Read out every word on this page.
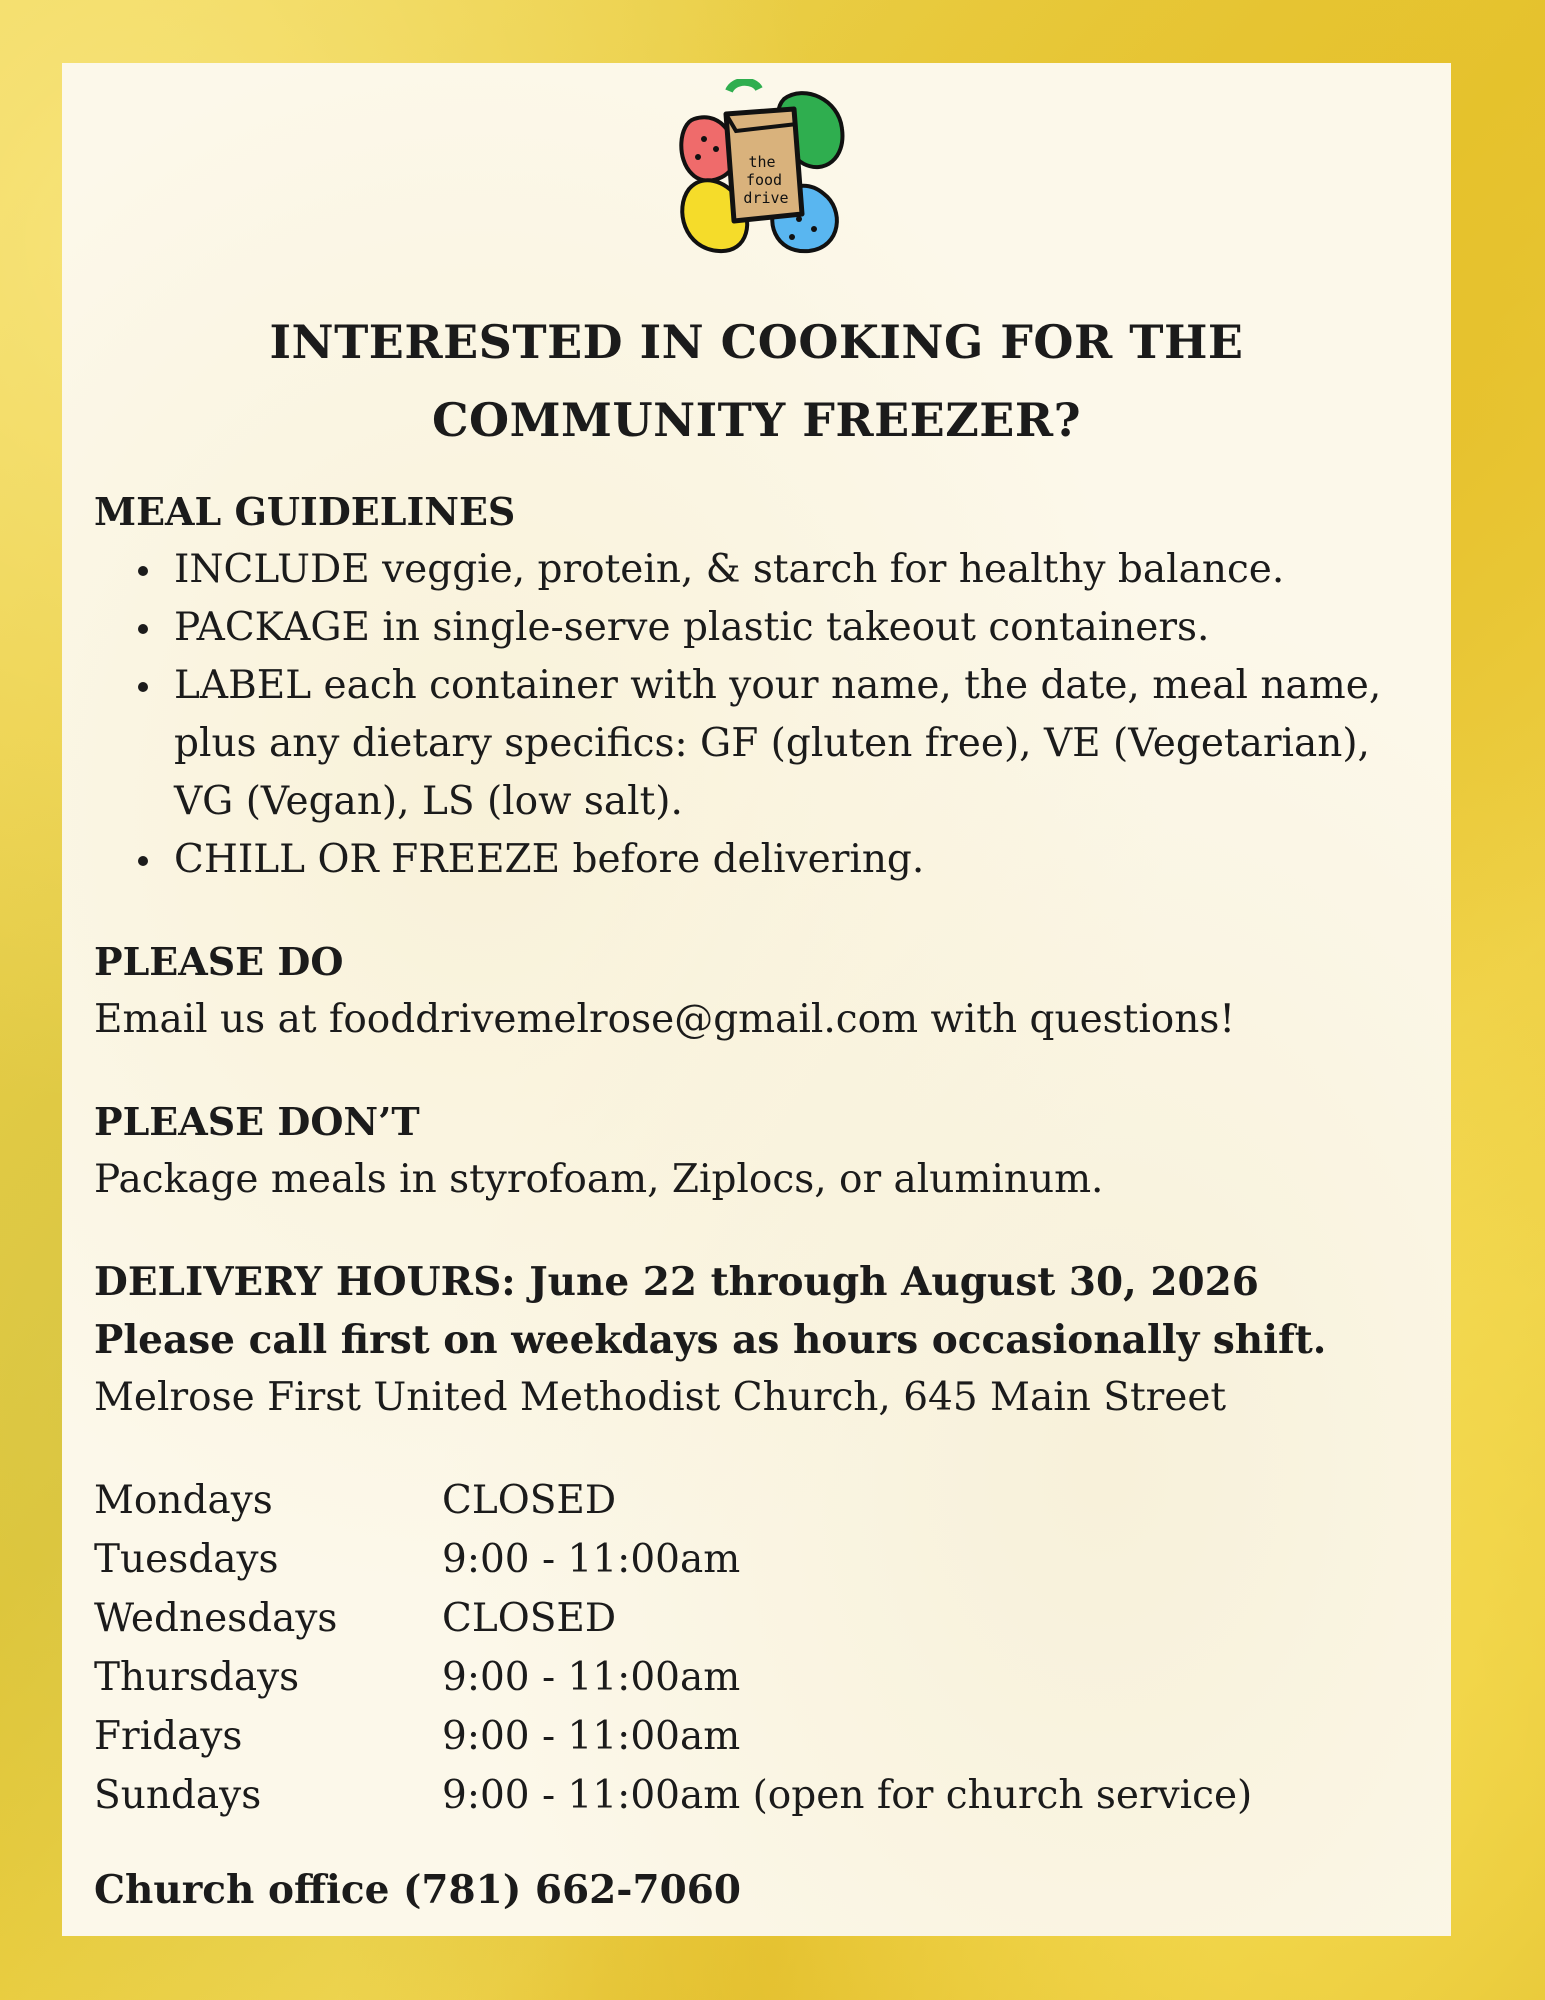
the
food
drive
INTERESTED IN COOKING FOR THE
COMMUNITY FREEZER?

MEAL GUIDELINES

INCLUDE veggie, protein, & starch for healthy balance.
PACKAGE in single-serve plastic takeout containers.
LABEL each container with your name, the date, meal name, plus any dietary specifics: GF (gluten free), VE (Vegetarian), VG (Vegan), LS (low salt).
CHILL OR FREEZE before delivering.

PLEASE DO

Email us at fooddrivemelrose@gmail.com with questions!

PLEASE DON’T

Package meals in styrofoam, Ziplocs, or aluminum.

DELIVERY HOURS: June 22 through August 30, 2026

Please call first on weekdays as hours occasionally shift.

Melrose First United Methodist Church, 645 Main Street

Mondays	CLOSED
Tuesdays	9:00 - 11:00am
Wednesdays	CLOSED
Thursdays	9:00 - 11:00am
Fridays	9:00 - 11:00am
Sundays	9:00 - 11:00am (open for church service)

Church office (781) 662-7060
